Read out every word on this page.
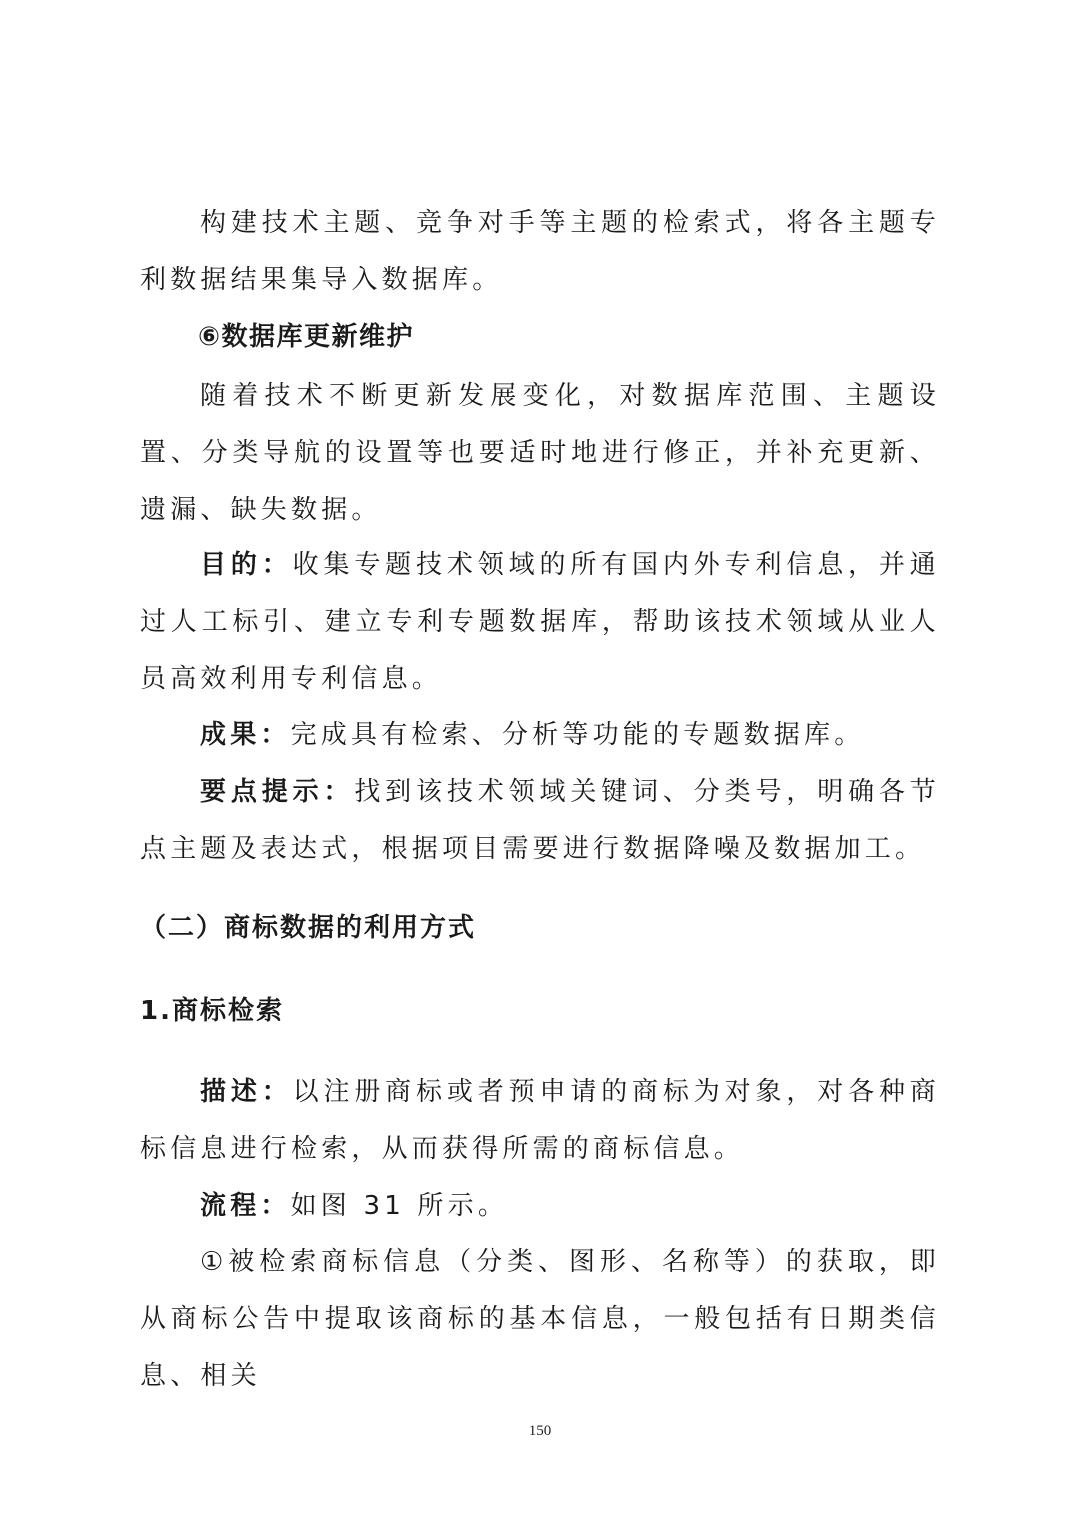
构建技术主题、竞争对手等主题的检索式，将各主题专利数据结果集导入数据库。

⑥数据库更新维护

随着技术不断更新发展变化，对数据库范围、主题设置、分类导航的设置等也要适时地进行修正，并补充更新、遗漏、缺失数据。

目的：收集专题技术领域的所有国内外专利信息，并通过人工标引、建立专利专题数据库，帮助该技术领域从业人员高效利用专利信息。

成果：完成具有检索、分析等功能的专题数据库。

要点提示：找到该技术领域关键词、分类号，明确各节点主题及表达式，根据项目需要进行数据降噪及数据加工。

（二）商标数据的利用方式

1.商标检索

描述：以注册商标或者预申请的商标为对象，对各种商标信息进行检索，从而获得所需的商标信息。

流程：如图 31 所示。

①被检索商标信息（分类、图形、名称等）的获取，即从商标公告中提取该商标的基本信息，一般包括有日期类信息、相关

150
